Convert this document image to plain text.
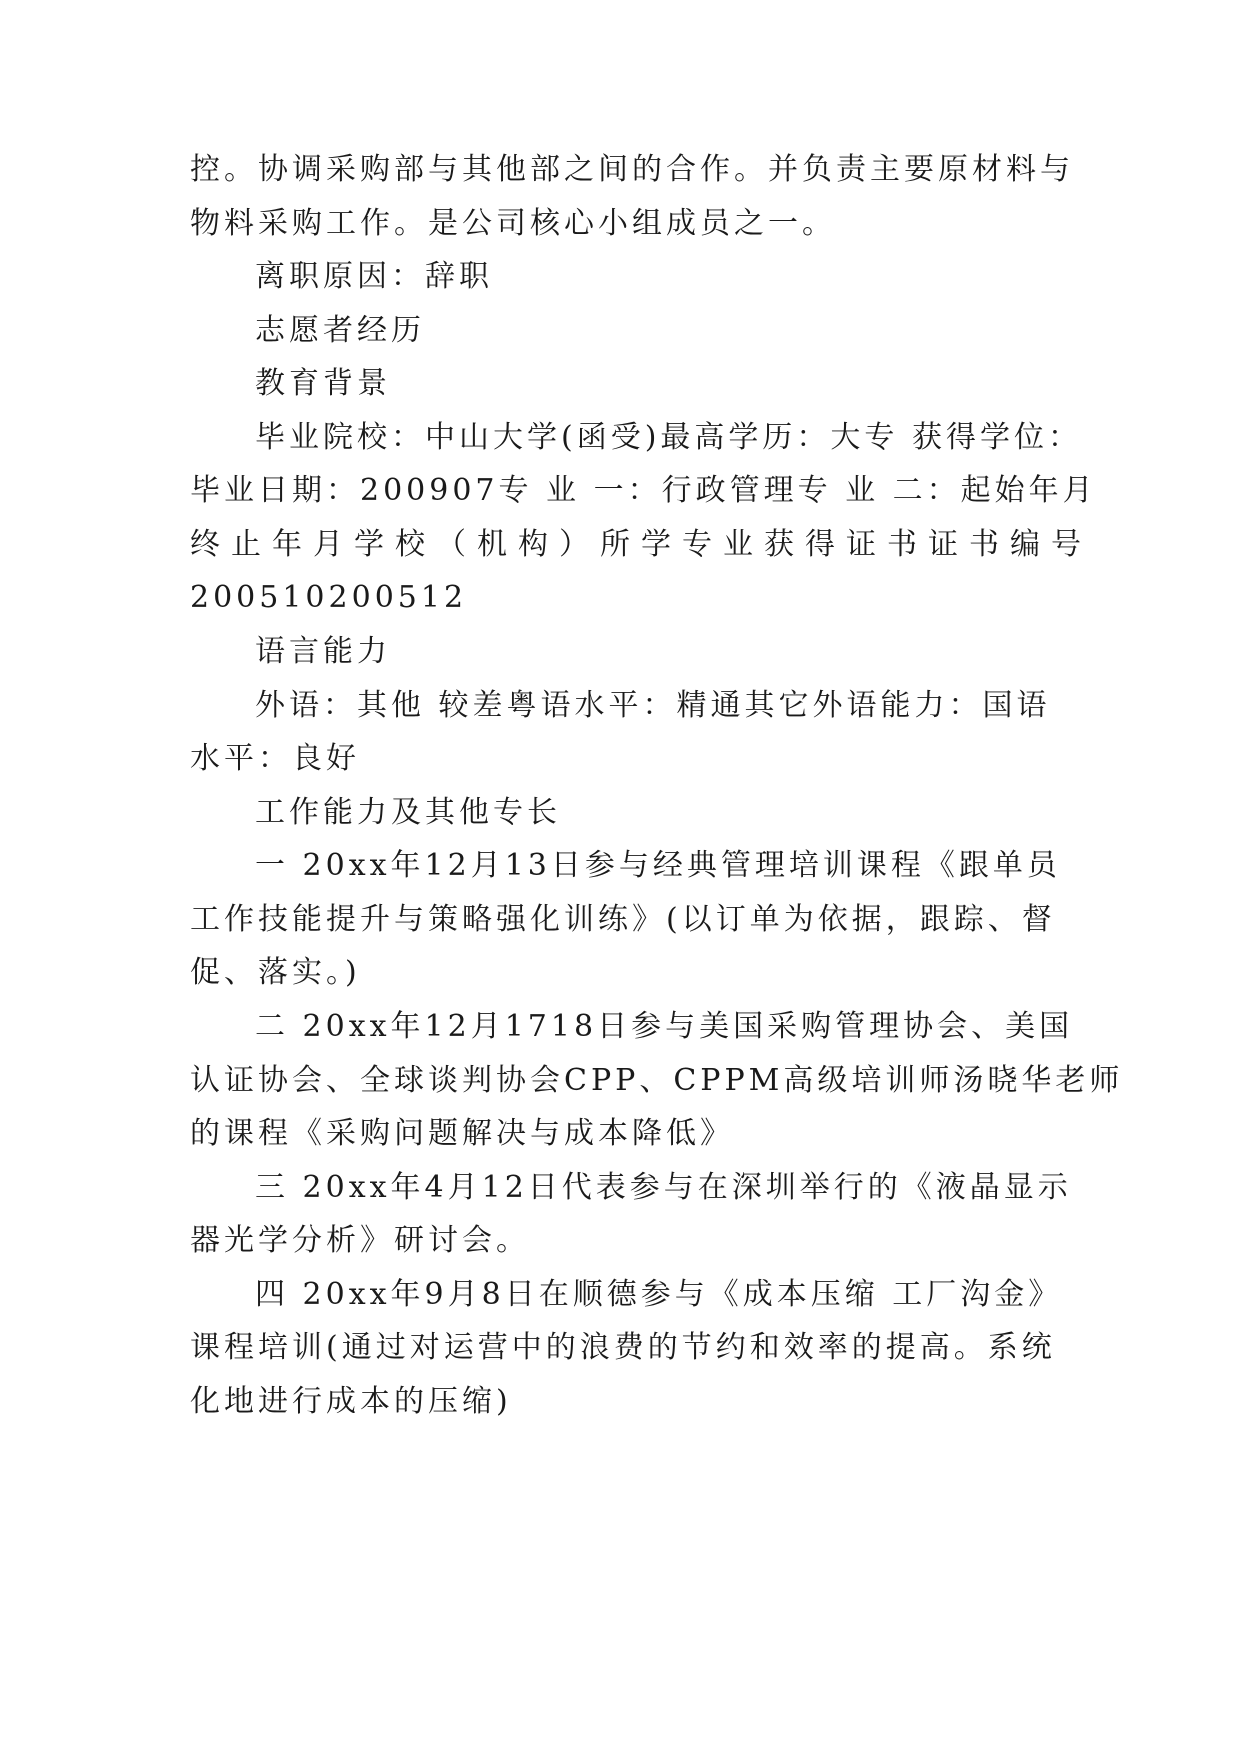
控。协调采购部与其他部之间的合作。并负责主要原材料与

物料采购工作。是公司核心小组成员之一。

离职原因：辞职

志愿者经历

教育背景

毕业院校：中山大学(函受)最高学历：大专 获得学位：

毕业日期：200907专 业 一：行政管理专 业 二：起始年月

终止年月学校（机构）所学专业获得证书证书编号

200510200512

语言能力

外语：其他 较差粤语水平：精通其它外语能力：国语

水平：良好

工作能力及其他专长

一 20xx年12月13日参与经典管理培训课程《跟单员

工作技能提升与策略强化训练》(以订单为依据，跟踪、督

促、落实。)

二 20xx年12月1718日参与美国采购管理协会、美国

认证协会、全球谈判协会CPP、CPPM高级培训师汤晓华老师

的课程《采购问题解决与成本降低》

三 20xx年4月12日代表参与在深圳举行的《液晶显示

器光学分析》研讨会。

四 20xx年9月8日在顺德参与《成本压缩 工厂沟金》

课程培训(通过对运营中的浪费的节约和效率的提高。系统

化地进行成本的压缩)
